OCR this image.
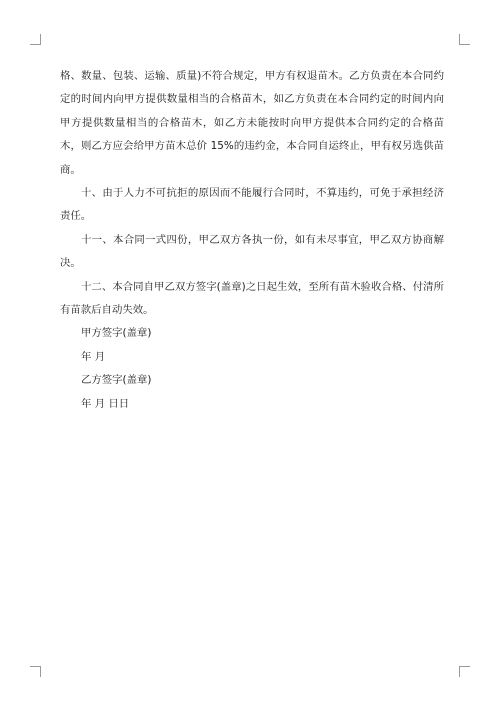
格、数量、包装、运输、质量)不符合规定，甲方有权退苗木。乙方负责在本合同约定的时间内向甲方提供数量相当的合格苗木，如乙方负责在本合同约定的时间内向甲方提供数量相当的合格苗木，如乙方未能按时向甲方提供本合同约定的合格苗木，则乙方应会给甲方苗木总价 15%的违约金，本合同自运终止，甲有权另选供苗商。

十、由于人力不可抗拒的原因而不能履行合同时，不算违约，可免于承担经济责任。

十一、本合同一式四份，甲乙双方各执一份，如有未尽事宜，甲乙双方协商解决。

十二、本合同自甲乙双方签字(盖章)之日起生效，至所有苗木验收合格、付清所有苗款后自动失效。

甲方签字(盖章)

年 月

乙方签字(盖章)

年 月 日日
